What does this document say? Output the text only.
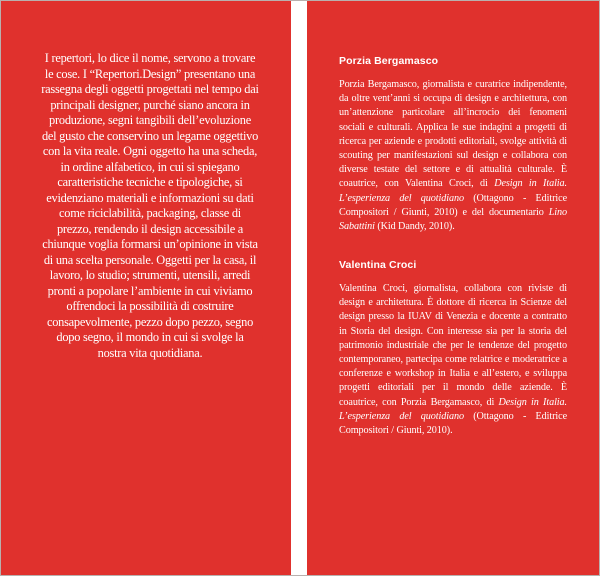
I repertori, lo dice il nome, servono a trovare le cose. I “Repertori.Design” presentano una rassegna degli oggetti progettati nel tempo dai principali designer, purché siano ancora in produzione, segni tangibili dell’evoluzione del gusto che conservino un legame oggettivo con la vita reale. Ogni oggetto ha una scheda, in ordine alfabetico, in cui si spiegano caratteristiche tecniche e tipologiche, si evidenziano materiali e informazioni su dati come riciclabilità, packaging, classe di prezzo, rendendo il design accessibile a chiunque voglia formarsi un’opinione in vista di una scelta personale. Oggetti per la casa, il lavoro, lo studio; strumenti, utensili, arredi pronti a popolare l’ambiente in cui viviamo offrendoci la possibilità di costruire consapevolmente, pezzo dopo pezzo, segno dopo segno, il mondo in cui si svolge la nostra vita quotidiana.

Porzia Bergamasco

Porzia Bergamasco, giornalista e curatrice indipendente, da oltre vent’anni si occupa di design e architettura, con un’attenzione particolare all’incrocio dei fenomeni sociali e culturali. Applica le sue indagini a progetti di ricerca per aziende e prodotti editoriali, svolge attività di scouting per manifestazioni sul design e collabora con diverse testate del settore e di attualità culturale. È coautrice, con Valentina Croci, di Design in Italia. L’esperienza del quotidiano (Ottagono - Editrice Compositori / Giunti, 2010) e del documentario Lino Sabattini (Kid Dandy, 2010).

Valentina Croci

Valentina Croci, giornalista, collabora con riviste di design e architettura. È dottore di ricerca in Scienze del design presso la IUAV di Venezia e docente a contratto in Storia del design. Con interesse sia per la storia del patrimonio industriale che per le tendenze del progetto contemporaneo, partecipa come relatrice e moderatrice a conferenze e workshop in Italia e all’estero, e sviluppa progetti editoriali per il mondo delle aziende. È coautrice, con Porzia Bergamasco, di Design in Italia. L’esperienza del quotidiano (Ottagono - Editrice Compositori / Giunti, 2010).
